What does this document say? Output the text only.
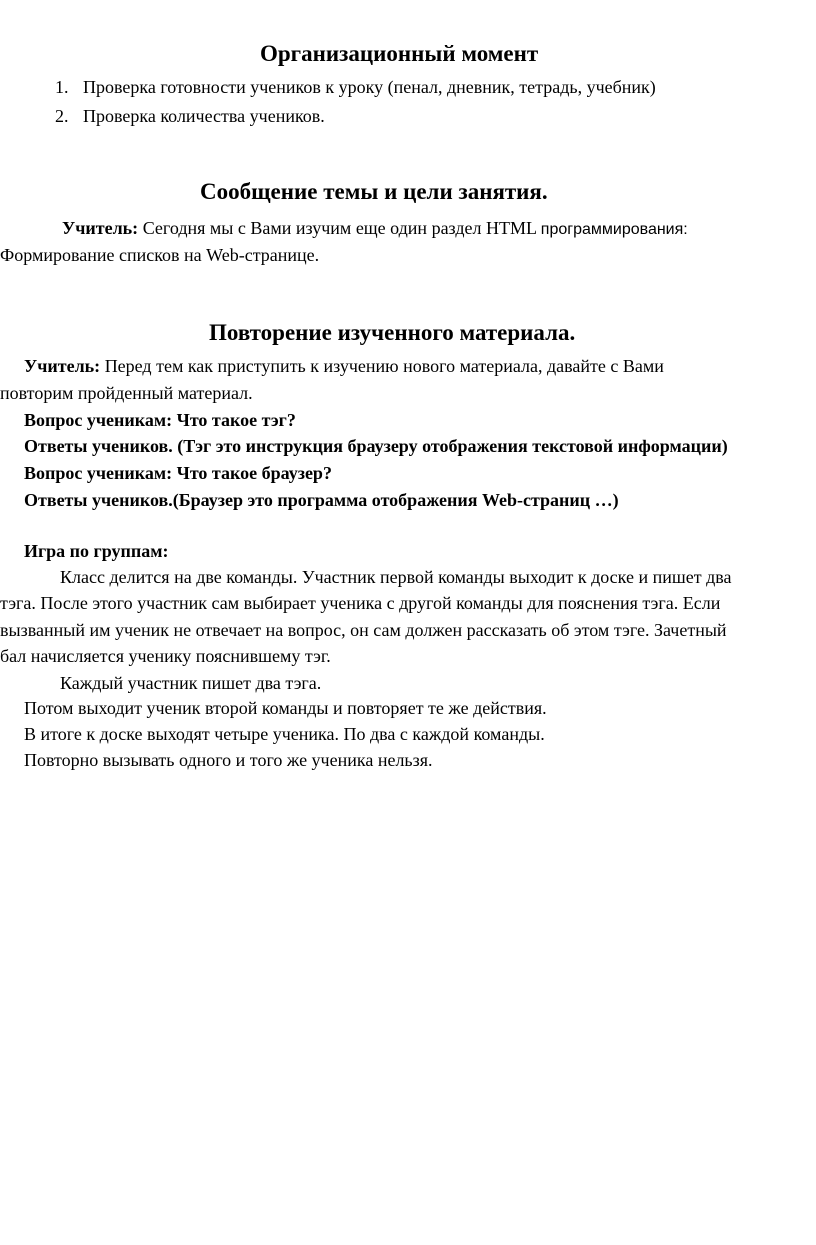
Организационный момент
1. Проверка готовности учеников к уроку (пенал, дневник, тетрадь, учебник)
2. Проверка количества учеников.
Сообщение темы и цели занятия.
Учитель: Сегодня мы с Вами изучим еще один раздел HTML программирования:
Формирование списков на Web-странице.
Повторение изученного материала.
Учитель: Перед тем как приступить к изучению нового материала, давайте с Вами
повторим пройденный материал.
Вопрос ученикам: Что такое тэг?
Ответы учеников. (Тэг это инструкция браузеру отображения текстовой информации)
Вопрос ученикам: Что такое браузер?
Ответы учеников.(Браузер это программа отображения Web-страниц …)
Игра по группам:
Класс делится на две команды. Участник первой команды выходит к доске и пишет два
тэга. После этого участник сам выбирает ученика с другой команды для пояснения тэга. Если
вызванный им ученик не отвечает на вопрос, он сам должен рассказать об этом тэге. Зачетный
бал начисляется ученику пояснившему тэг.
Каждый участник пишет два тэга.
Потом выходит ученик второй команды и повторяет те же действия.
В итоге к доске выходят четыре ученика. По два с каждой команды.
Повторно вызывать одного и того же ученика нельзя.
